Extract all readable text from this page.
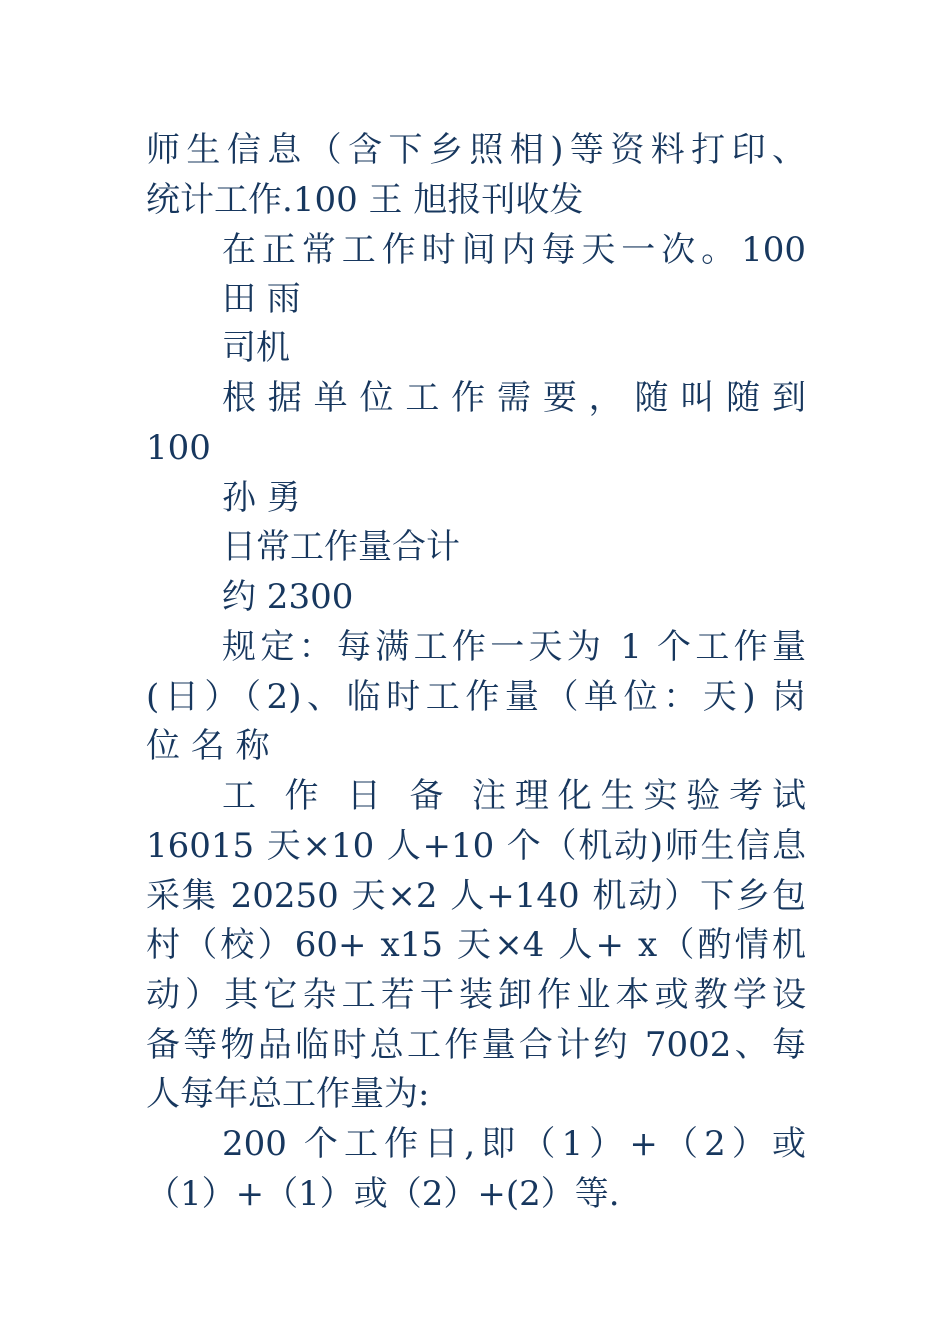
师生信息（含下乡照相)等资料打印、
统计工作.100 王 旭报刊收发
在正常工作时间内每天一次。100
田 雨
司机
根据单位工作需要，随叫随到
100
孙 勇
日常工作量合计
约 2300
规定：每满工作一天为 1 个工作量
(日）（2)、临时工作量（单位：天) 岗
位 名 称
工 作 日 备 注理化生实验考试
16015 天×10 人+10 个（机动)师生信息
采集 20250 天×2 人+140 机动）下乡包
村（校）60+ x15 天×4 人+ x（酌情机
动）其它杂工若干装卸作业本或教学设
备等物品临时总工作量合计约 7002、每
人每年总工作量为:
200 个工作日,即（1）+（2）或
（1）+（1）或（2）+(2）等.
